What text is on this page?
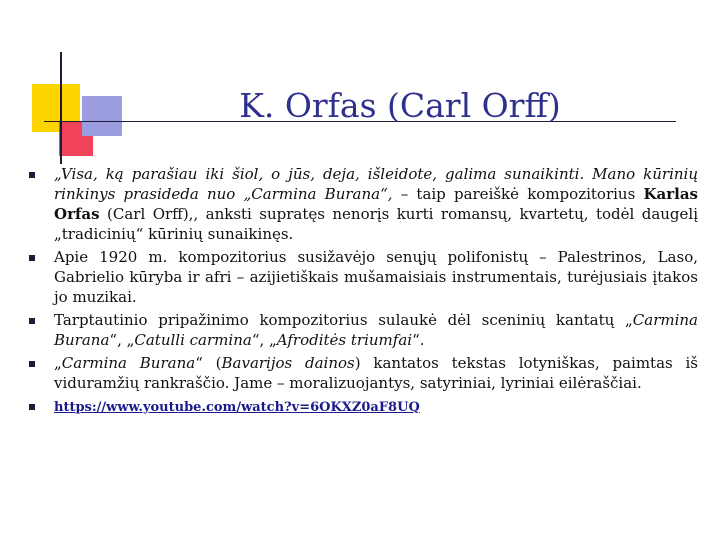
K. Orfas (Carl Orff)
„Visa, ką parašiau iki šiol, o jūs, deja, išleidote, galima sunaikinti. Mano kūrinių rinkinys prasideda nuo „Carmina Burana“, – taip pareiškė kompozitorius Karlas Orfas (Carl Orff),, anksti supratęs nenorįs kurti romansų, kvartetų, todėl daugelį „tradicinių“ kūrinių sunaikinęs.
Apie 1920 m. kompozitorius susižavėjo senųjų polifonistų – Palestrinos, Laso, Gabrielio kūryba ir afri – azijietiškais mušamaisiais instrumentais, turėjusiais įtakos jo muzikai.
Tarptautinio pripažinimo kompozitorius sulaukė dėl sceninių kantatų „Carmina Burana“, „Catulli carmina“, „Afroditės triumfai“.
„Carmina Burana“ (Bavarijos dainos) kantatos tekstas lotyniškas, paimtas iš viduramžių rankraščio. Jame – moralizuojantys, satyriniai, lyriniai eilėraščiai.
https://www.youtube.com/watch?v=6OKXZ0aF8UQ
